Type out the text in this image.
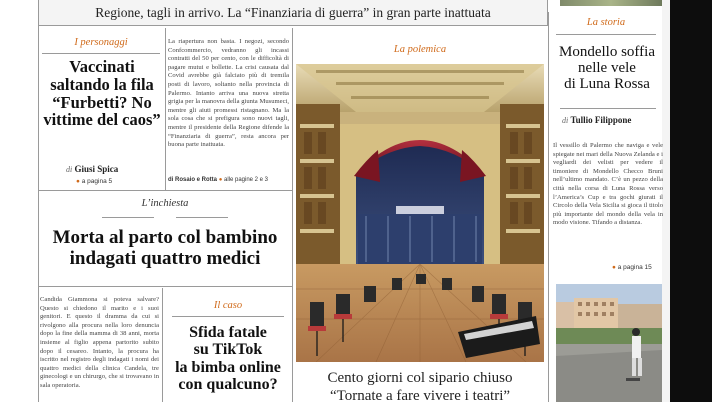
Regione, tagli in arrivo. La “Finanziaria di guerra” in gran parte inattuata
I personaggi
Vaccinati
saltando la fila
“Furbetti? No
vittime del caos”
di Giusi Spica
● a pagina 5
La riapertura non basta. I negozi, secondo Confcommercio, vedranno gli incassi contratti del 50 per cento, con le difficoltà di pagare mutui e bollette. La crisi causata dal Covid avrebbe già falciato più di tremila posti di lavoro, soltanto nella provincia di Palermo. Intanto arriva una nuova stretta grigia per la manovra della giunta Musumeci, mentre gli aiuti promessi ristagnano. Ma la sola cosa che si prefigura sono nuovi tagli, mentre il presidente della Regione difende la “Finanziaria di guerra”, resta ancora per buona parte inattuata.
di Rosaio e Rotta ● alle pagine 2 e 3
L’inchiesta
Morta al parto col bambino
indagati quattro medici
Candida Giammona si poteva salvare? Questo si chiedono il marito e i suoi genitori. E questo il dramma da cui si rivolgono alla procura nella loro denuncia dopo la fine della mamma di 38 anni, morta insieme al figlio appena partorito subito dopo il cesareo. Intanto, la procura ha iscritto nel registro degli indagati i nomi dei quattro medici della clinica Candela, tre ginecologi e un chirurgo, che si trovavano in sala operatoria.
Il caso
Sfida fatale
su TikTok
la bimba online
con qualcuno?
La polemica
Cento giorni col sipario chiuso
“Tornate a fare vivere i teatri”
La storia
Mondello soffia
nelle vele
di Luna Rossa
di Tullio Filippone
Il vessillo di Palermo che naviga e vele spiegate nei mari della Nuova Zelanda e i vegliardi dei velisti per vedere il timoniere di Mondello Checco Bruni nell’ultimo mandato. C’è un pezzo della città nella corsa di Luna Rossa verso l’America’s Cup e tra gochi giurati il Circolo della Vela Sicilia si gioca il titolo più importante del mondo della vela in modo visione. Tifando a distanza.
● a pagina 15
